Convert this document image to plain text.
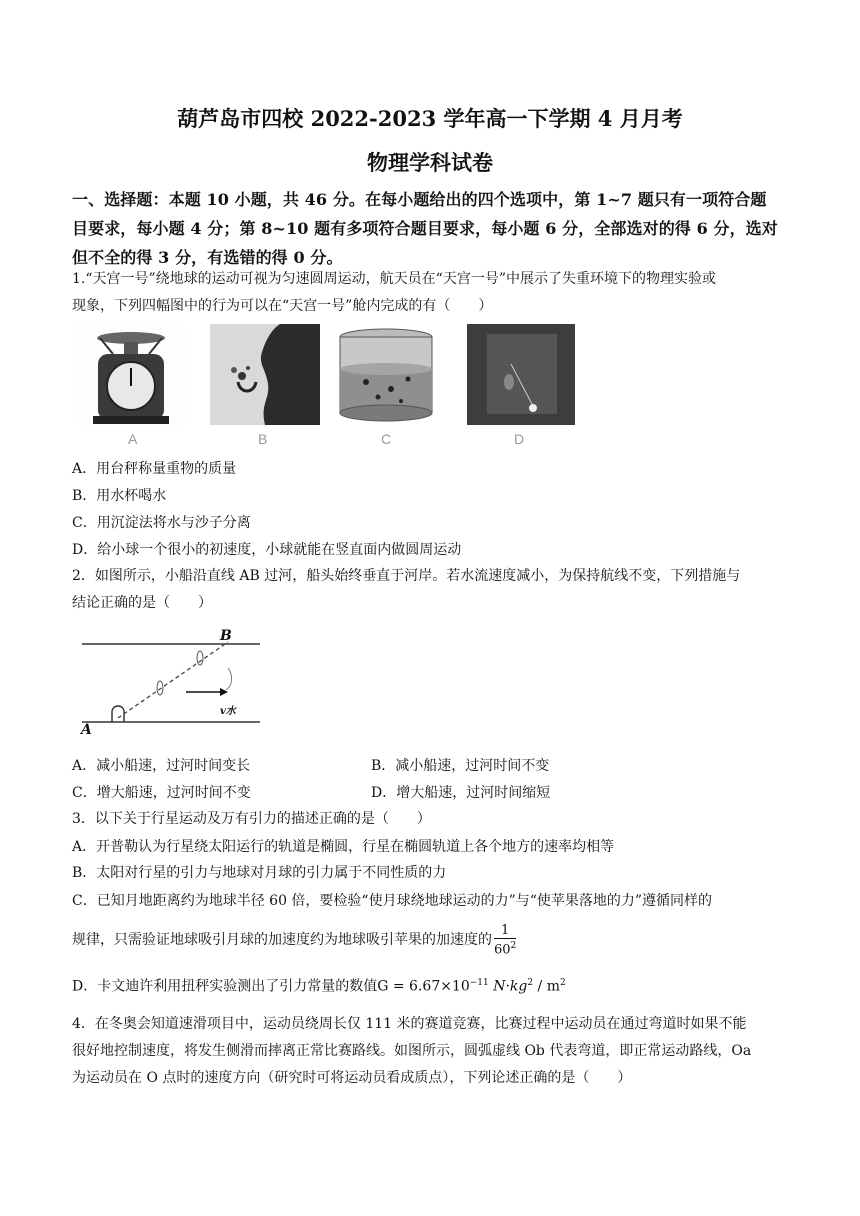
葫芦岛市四校 2022-2023 学年高一下学期 4 月月考
物理学科试卷
一、选择题：本题 10 小题，共 46 分。在每小题给出的四个选项中，第 1~7 题只有一项符合题
目要求，每小题 4 分；第 8~10 题有多项符合题目要求，每小题 6 分，全部选对的得 6 分，选对
但不全的得 3 分，有选错的得 0 分。
1.“天宫一号”绕地球的运动可视为匀速圆周运动，航天员在“天宫一号”中展示了失重环境下的物理实验或
现象，下列四幅图中的行为可以在“天宫一号”舱内完成的有（　　）
A	B	C	D
A．用台秤称量重物的质量
B．用水杯喝水
C．用沉淀法将水与沙子分离
D．给小球一个很小的初速度，小球就能在竖直面内做圆周运动
2．如图所示，小船沿直线 AB 过河，船头始终垂直于河岸。若水流速度减小，为保持航线不变，下列措施与
结论正确的是（　　）
A
B
v水
A．减小船速，过河时间变长	B．减小船速，过河时间不变
C．增大船速，过河时间不变	D．增大船速，过河时间缩短
3．以下关于行星运动及万有引力的描述正确的是（　　）
A．开普勒认为行星绕太阳运行的轨道是椭圆，行星在椭圆轨道上各个地方的速率均相等
B．太阳对行星的引力与地球对月球的引力属于不同性质的力
C．已知月地距离约为地球半径 60 倍，要检验“使月球绕地球运动的力”与“使苹果落地的力”遵循同样的
规律，只需验证地球吸引月球的加速度约为地球吸引苹果的加速度的 $\frac{1}{60^2}$
D．卡文迪许利用扭秤实验测出了引力常量的数值$G = 6.67\times 10^{-11}$ $N\cdot kg^2 / m^2$
4．在冬奥会知道速滑项目中，运动员绕周长仅 111 米的赛道竞赛，比赛过程中运动员在通过弯道时如果不能
很好地控制速度，将发生侧滑而摔离正常比赛路线。如图所示，圆弧虚线 Ob 代表弯道，即正常运动路线，Oa
为运动员在 O 点时的速度方向（研究时可将运动员看成质点），下列论述正确的是（　　）
